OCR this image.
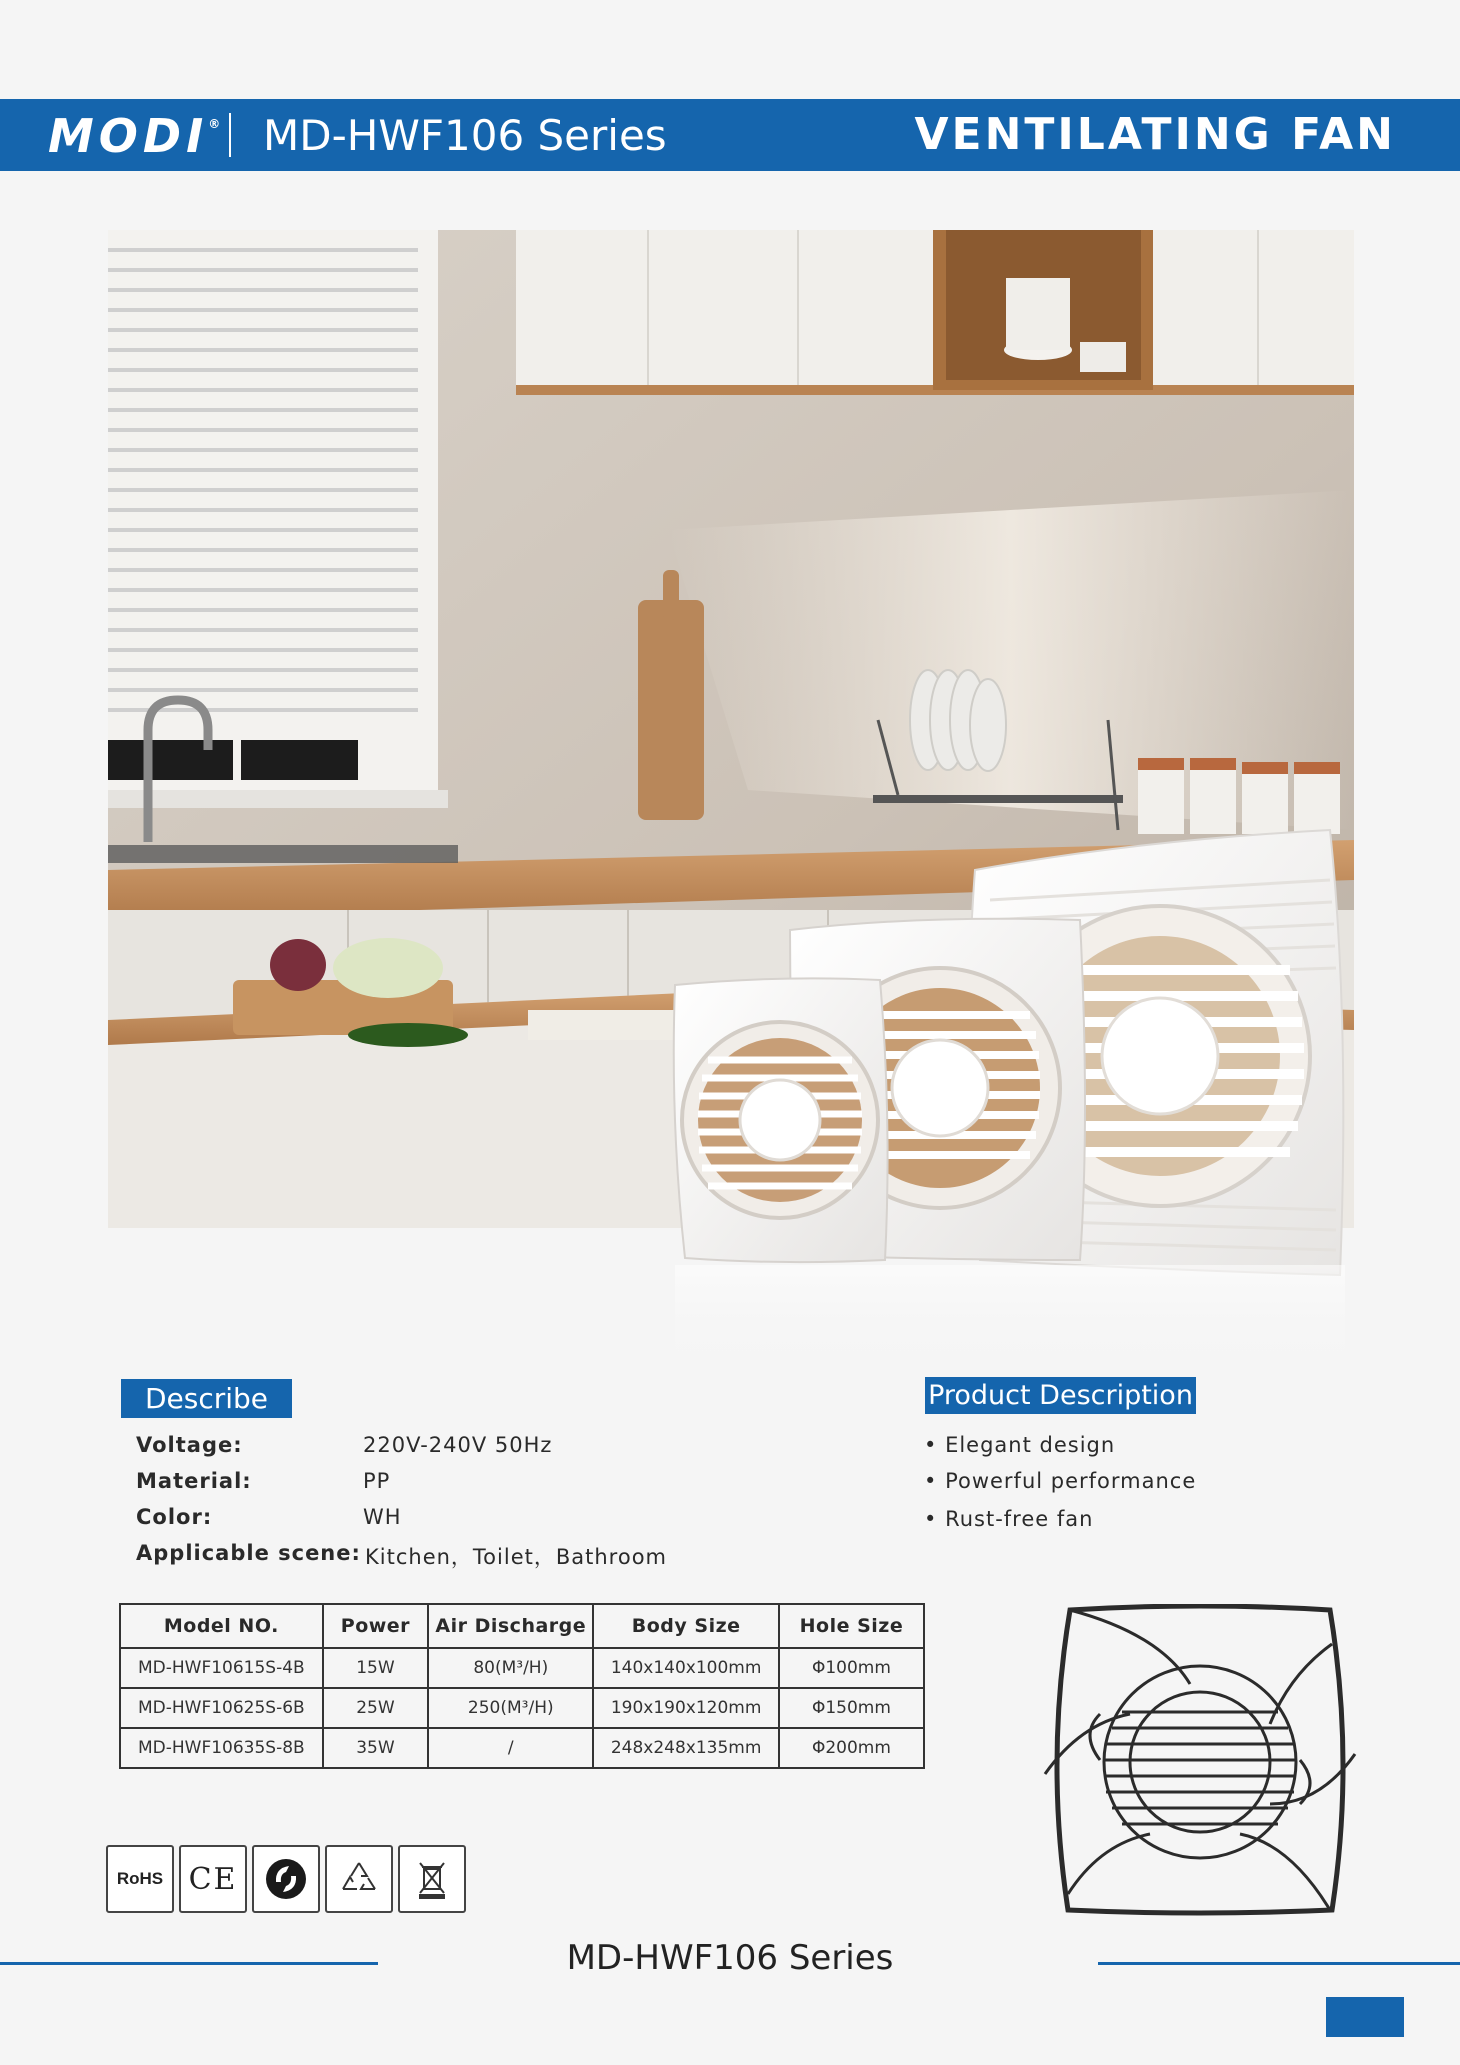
MODI® MD-HWF106 Series	VENTILATING FAN
Describe
Voltage:	220V-240V 50Hz
Material:	PP
Color:	WH
Applicable scene: Kitchen，Toilet，Bathroom
Product Description
• Elegant design
• Powerful performance
• Rust-free fan
Model NO.	Power	Air Discharge	Body Size	Hole Size
MD-HWF10615S-4B	15W	80(M³/H)	140x140x100mm	Φ100mm
MD-HWF10625S-6B	25W	250(M³/H)	190x190x120mm	Φ150mm
MD-HWF10635S-8B	35W	/	248x248x135mm	Φ200mm
RoHS CE
MD-HWF106 Series
